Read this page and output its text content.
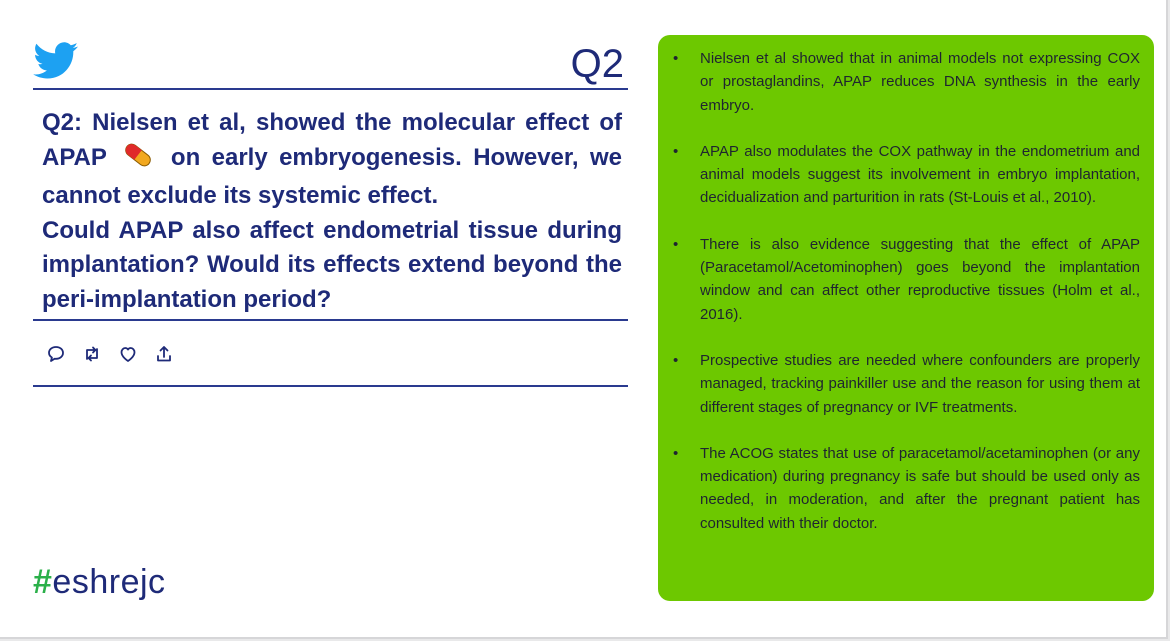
Q2

Q2: Nielsen et al, showed the molecular effect of APAP	on early embryogenesis. However, we cannot exclude its systemic effect.

Could APAP also affect endometrial tissue during implantation? Would its effects extend beyond the peri-implantation period?

#eshrejc
• Nielsen et al showed that in animal models not expressing COX or prostaglandins, APAP reduces DNA synthesis in the early embryo.
• APAP also modulates the COX pathway in the endometrium and animal models suggest its involvement in embryo implantation, decidualization and parturition in rats (St-Louis et al., 2010).
• There is also evidence suggesting that the effect of APAP (Paracetamol/Acetominophen) goes beyond the implantation window and can affect other reproductive tissues (Holm et al., 2016).
• Prospective studies are needed where confounders are properly managed, tracking painkiller use and the reason for using them at different stages of pregnancy or IVF treatments.
• The ACOG states that use of paracetamol/acetaminophen (or any medication) during pregnancy is safe but should be used only as needed, in moderation, and after the pregnant patient has consulted with their doctor.
